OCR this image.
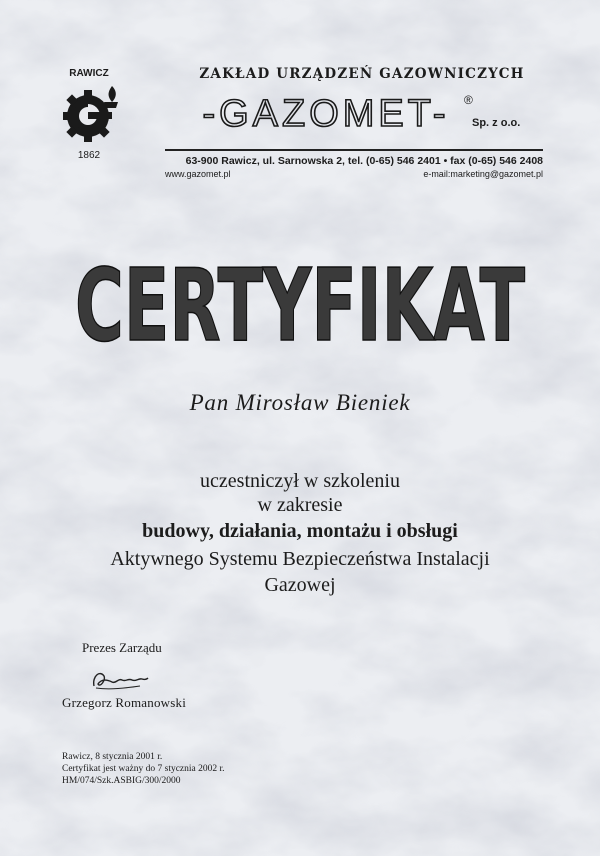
RAWICZ
1862
ZAKŁAD URZĄDZEŃ GAZOWNICZYCH
-GAZOMET- ®
Sp. z o.o.
63-900 Rawicz, ul. Sarnowska 2, tel. (0-65) 546 2401 • fax (0-65) 546 2408
www.gazomet.pl	e-mail:marketing@gazomet.pl
CERTYFIKAT
Pan Mirosław Bieniek
uczestniczył w szkoleniu
w zakresie
budowy, działania, montażu i obsługi
Aktywnego Systemu Bezpieczeństwa Instalacji
Gazowej
Prezes Zarządu
Grzegorz Romanowski
Rawicz, 8 stycznia 2001 r.
Certyfikat jest ważny do 7 stycznia 2002 r.
HM/074/Szk.ASBIG/300/2000
